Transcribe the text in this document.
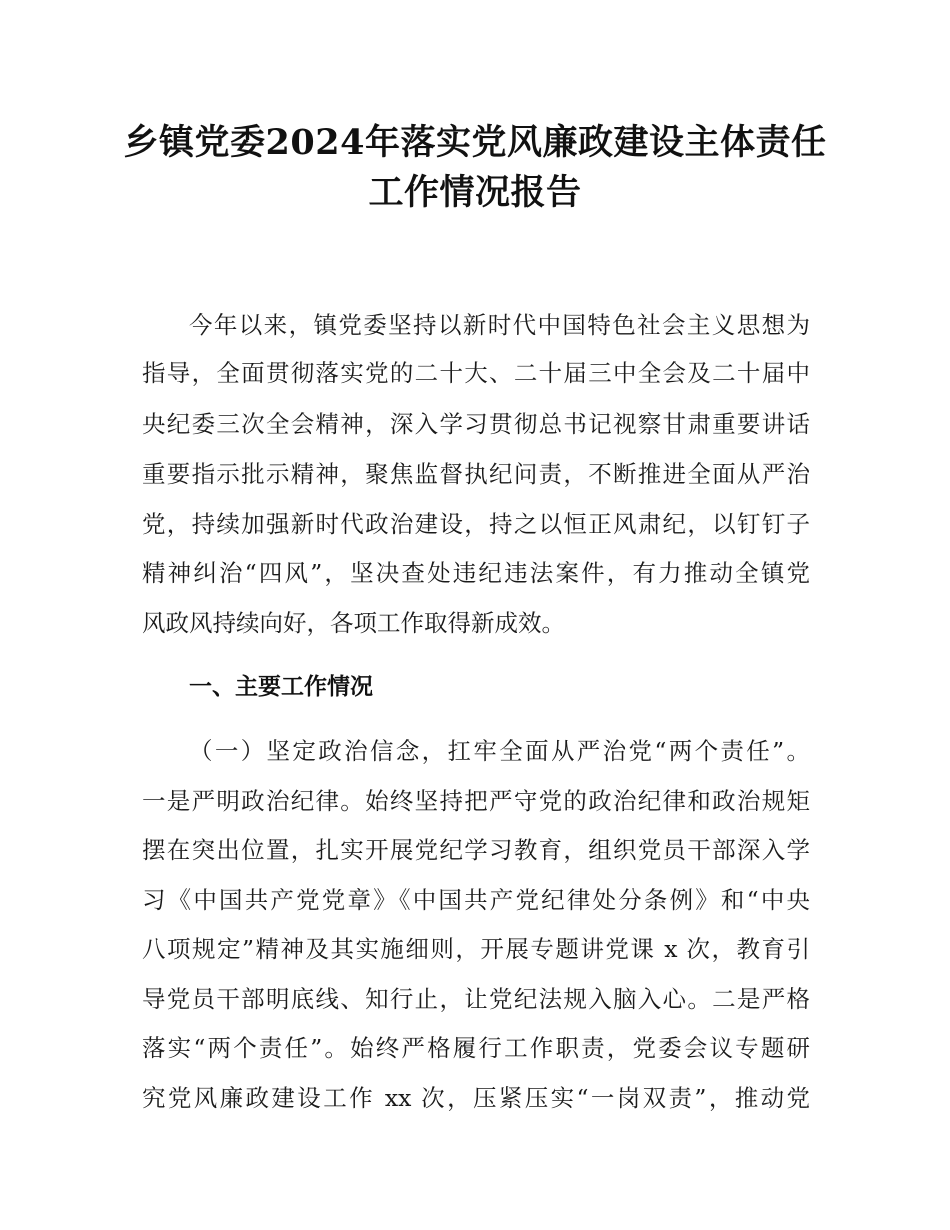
乡镇党委2024年落实党风廉政建设主体责任
工作情况报告
今年以来，镇党委坚持以新时代中国特色社会主义思想为
指导，全面贯彻落实党的二十大、二十届三中全会及二十届中
央纪委三次全会精神，深入学习贯彻总书记视察甘肃重要讲话
重要指示批示精神，聚焦监督执纪问责，不断推进全面从严治
党，持续加强新时代政治建设，持之以恒正风肃纪，以钉钉子
精神纠治“四风”，坚决查处违纪违法案件，有力推动全镇党
风政风持续向好，各项工作取得新成效。
一、主要工作情况
（一）坚定政治信念，扛牢全面从严治党“两个责任”。
一是严明政治纪律。始终坚持把严守党的政治纪律和政治规矩
摆在突出位置，扎实开展党纪学习教育，组织党员干部深入学
习《中国共产党党章》《中国共产党纪律处分条例》和“中央
八项规定”精神及其实施细则，开展专题讲党课 x 次，教育引
导党员干部明底线、知行止，让党纪法规入脑入心。二是严格
落实“两个责任”。始终严格履行工作职责，党委会议专题研
究党风廉政建设工作 xx 次，压紧压实“一岗双责”，推动党
